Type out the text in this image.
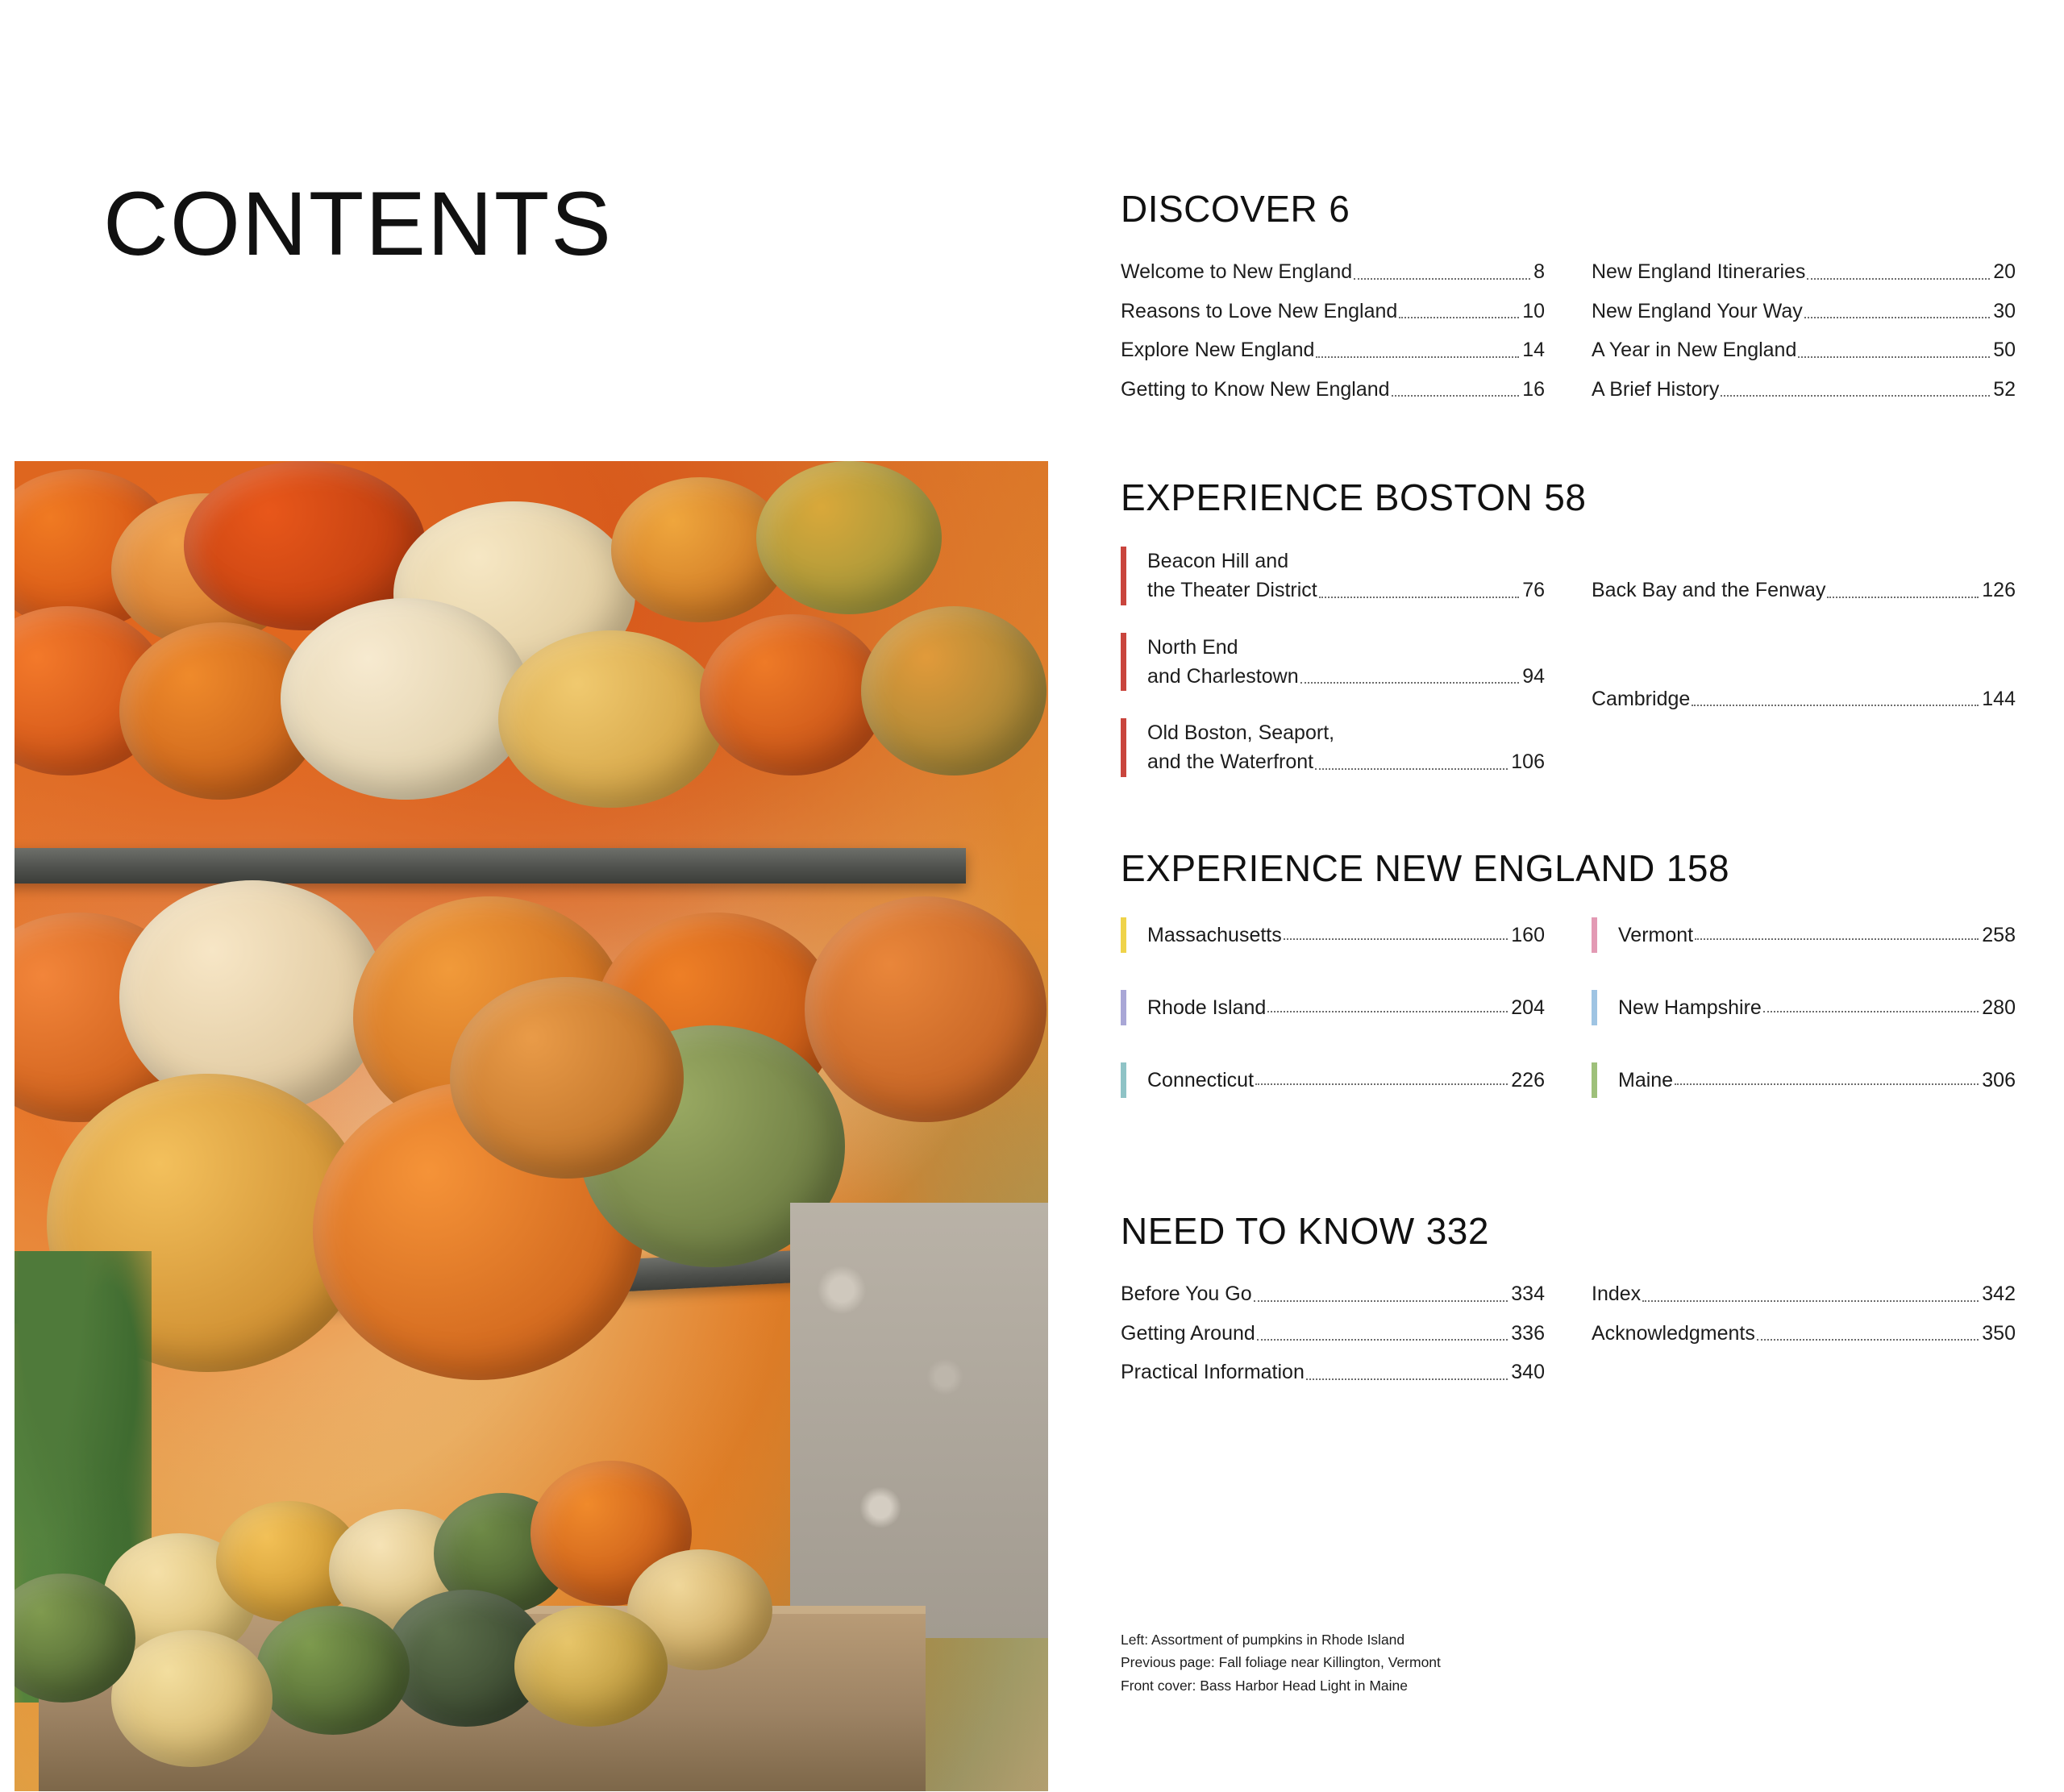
CONTENTS	DISCOVER 6
Welcome to New England	8
Reasons to Love New England	10
Explore New England	14
Getting to Know New England	16
New England Itineraries	20
New England Your Way	30
A Year in New England	50
A Brief History	52
EXPERIENCE BOSTON 58
Beacon Hill and
the Theater District	76
North End
and Charlestown	94
Old Boston, Seaport,
and the Waterfront	106

Back Bay and the Fenway	126

Cambridge	144
EXPERIENCE NEW ENGLAND 158
Massachusetts	160
Rhode Island	204
Connecticut	226
Vermont	258
New Hampshire	280
Maine	306
NEED TO KNOW 332
Before You Go	334
Getting Around	336
Practical Information	340
Index	342
Acknowledgments	350
Left: Assortment of pumpkins in Rhode Island
Previous page: Fall foliage near Killington, Vermont
Front cover: Bass Harbor Head Light in Maine
